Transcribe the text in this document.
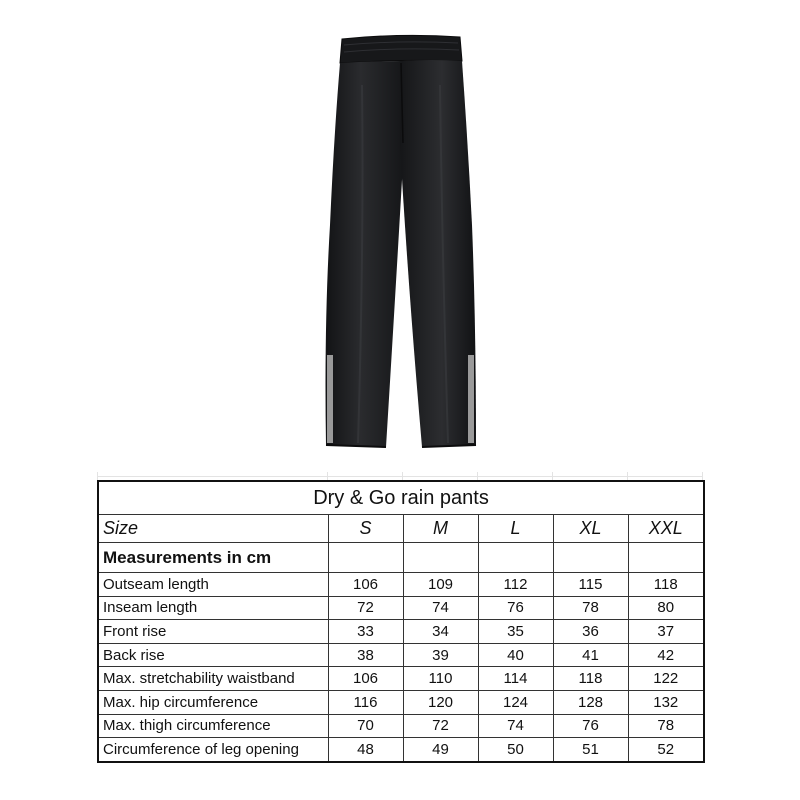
Dry & Go rain pants					
Size	S	M	L	XL	XXL
Measurements in cm					
Outseam length	106	109	112	115	118
Inseam length	72	74	76	78	80
Front rise	33	34	35	36	37
Back rise	38	39	40	41	42
Max. stretchability waistband	106	110	114	118	122
Max. hip circumference	116	120	124	128	132
Max. thigh circumference	70	72	74	76	78
Circumference of leg opening	48	49	50	51	52
